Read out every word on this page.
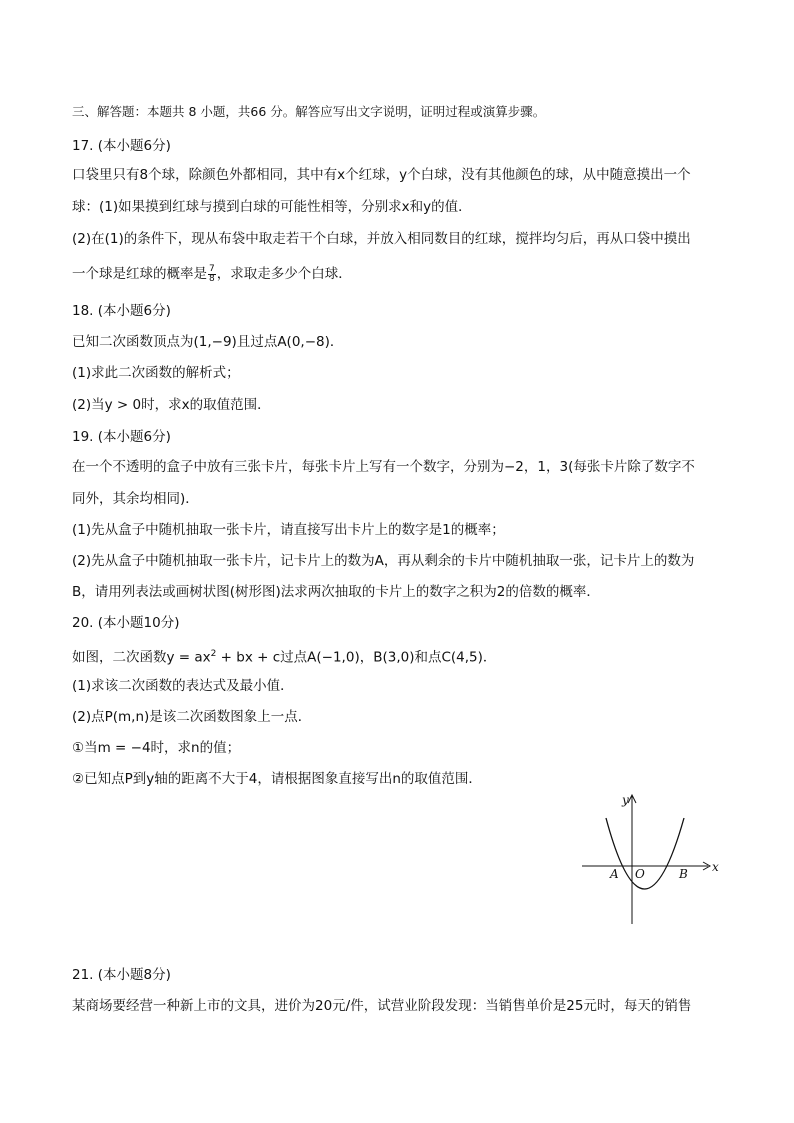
三、解答题：本题共 8 小题，共66 分。解答应写出文字说明，证明过程或演算步骤。
17. (本小题6分)
口袋里只有8个球，除颜色外都相同，其中有x个红球，y个白球，没有其他颜色的球，从中随意摸出一个
球：(1)如果摸到红球与摸到白球的可能性相等，分别求x和y的值．
(2)在(1)的条件下，现从布袋中取走若干个白球，并放入相同数目的红球，搅拌均匀后，再从口袋中摸出
一个球是红球的概率是 $\frac{7}{8}$ ，求取走多少个白球．
18. (本小题6分)
已知二次函数顶点为(1,−9)且过点A(0,−8)．
(1)求此二次函数的解析式；
(2)当y > 0时，求x的取值范围．
19. (本小题6分)
在一个不透明的盒子中放有三张卡片，每张卡片上写有一个数字，分别为−2，1，3(每张卡片除了数字不
同外，其余均相同)．
(1)先从盒子中随机抽取一张卡片，请直接写出卡片上的数字是1的概率；
(2)先从盒子中随机抽取一张卡片，记卡片上的数为A，再从剩余的卡片中随机抽取一张，记卡片上的数为
B，请用列表法或画树状图(树形图)法求两次抽取的卡片上的数字之积为2的倍数的概率．
20. (本小题10分)
如图，二次函数$y = ax^2$ + bx + c过点A(−1,0)，B(3,0)和点C(4,5)．
(1)求该二次函数的表达式及最小值．
(2)点P(m,n)是该二次函数图象上一点．
①当m = −4时，求n的值；
②已知点P到y轴的距离不大于4，请根据图象直接写出n的取值范围．
y
x
A O	B
21. (本小题8分)
某商场要经营一种新上市的文具，进价为20元/件，试营业阶段发现：当销售单价是25元时，每天的销售
